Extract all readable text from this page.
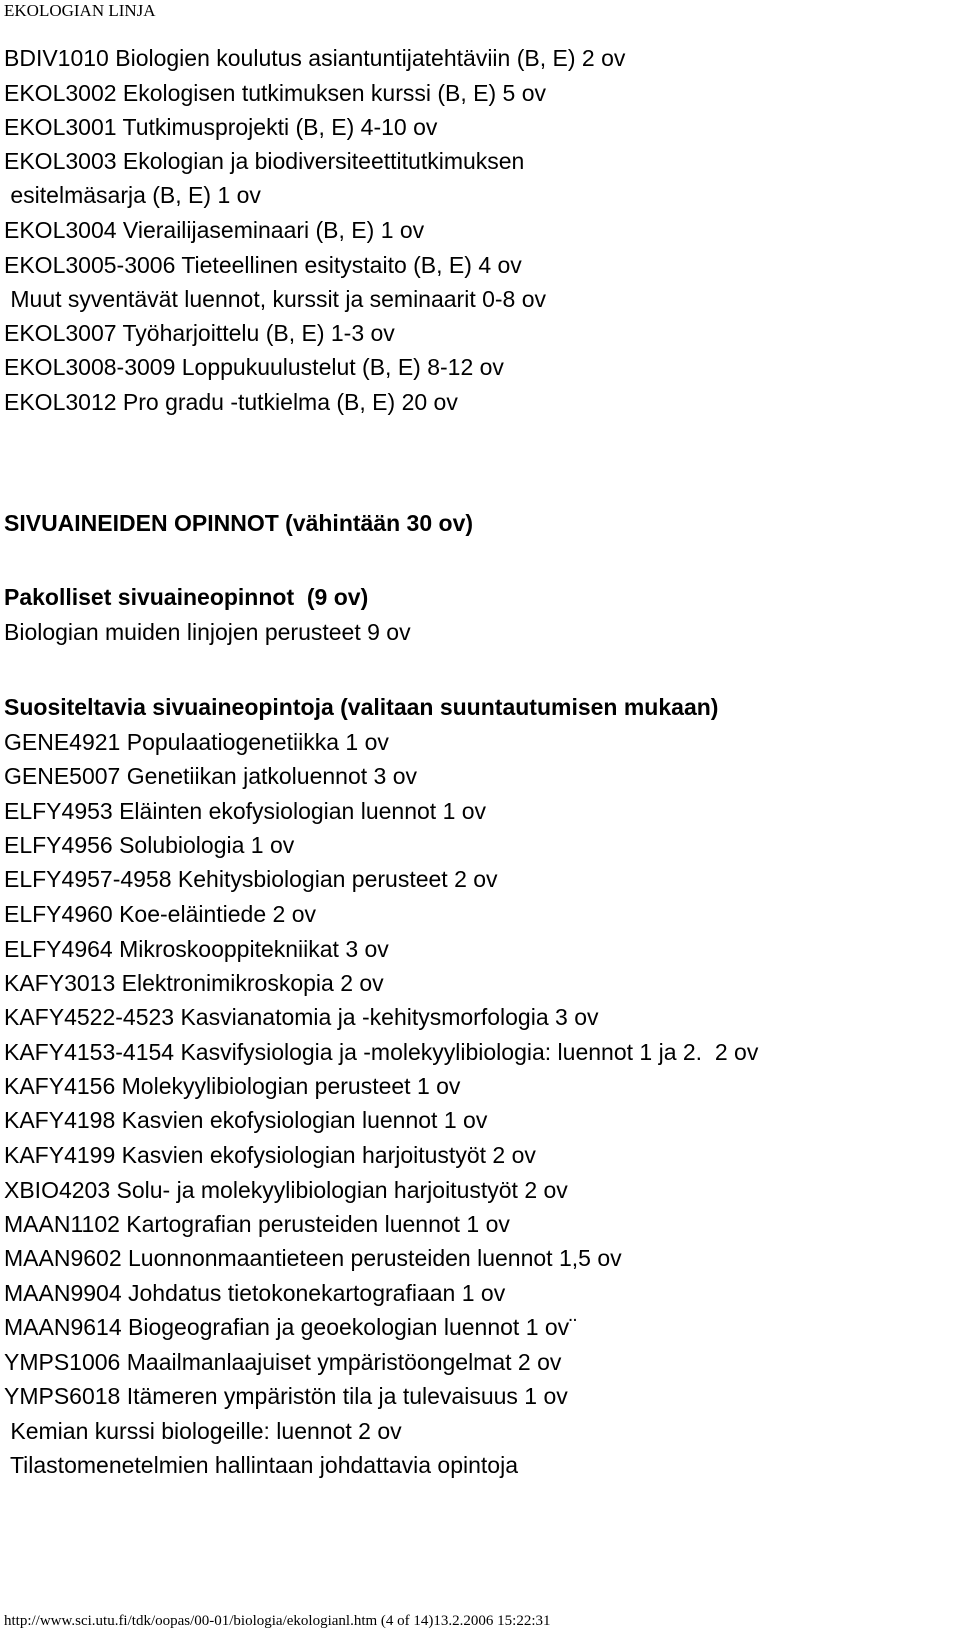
EKOLOGIAN LINJA
BDIV1010 Biologien koulutus asiantuntijatehtäviin (B, E) 2 ov
EKOL3002 Ekologisen tutkimuksen kurssi (B, E) 5 ov
EKOL3001 Tutkimusprojekti (B, E) 4-10 ov
EKOL3003 Ekologian ja biodiversiteettitutkimuksen
esitelmäsarja (B, E) 1 ov
EKOL3004 Vierailijaseminaari (B, E) 1 ov
EKOL3005-3006 Tieteellinen esitystaito (B, E) 4 ov
Muut syventävät luennot, kurssit ja seminaarit 0-8 ov
EKOL3007 Työharjoittelu (B, E) 1-3 ov
EKOL3008-3009 Loppukuulustelut (B, E) 8-12 ov
EKOL3012 Pro gradu -tutkielma (B, E) 20 ov
SIVUAINEIDEN OPINNOT (vähintään 30 ov)
Pakolliset sivuaineopinnot  (9 ov)
Biologian muiden linjojen perusteet 9 ov
Suositeltavia sivuaineopintoja (valitaan suuntautumisen mukaan)
GENE4921 Populaatiogenetiikka 1 ov
GENE5007 Genetiikan jatkoluennot 3 ov
ELFY4953 Eläinten ekofysiologian luennot 1 ov
ELFY4956 Solubiologia 1 ov
ELFY4957-4958 Kehitysbiologian perusteet 2 ov
ELFY4960 Koe-eläintiede 2 ov
ELFY4964 Mikroskooppitekniikat 3 ov
KAFY3013 Elektronimikroskopia 2 ov
KAFY4522-4523 Kasvianatomia ja -kehitysmorfologia 3 ov
KAFY4153-4154 Kasvifysiologia ja -molekyylibiologia: luennot 1 ja 2.  2 ov
KAFY4156 Molekyylibiologian perusteet 1 ov
KAFY4198 Kasvien ekofysiologian luennot 1 ov
KAFY4199 Kasvien ekofysiologian harjoitustyöt 2 ov
XBIO4203 Solu- ja molekyylibiologian harjoitustyöt 2 ov
MAAN1102 Kartografian perusteiden luennot 1 ov
MAAN9602 Luonnonmaantieteen perusteiden luennot 1,5 ov
MAAN9904 Johdatus tietokonekartografiaan 1 ov
MAAN9614 Biogeografian ja geoekologian luennot 1 ov¨
YMPS1006 Maailmanlaajuiset ympäristöongelmat 2 ov
YMPS6018 Itämeren ympäristön tila ja tulevaisuus 1 ov
Kemian kurssi biologeille: luennot 2 ov
Tilastomenetelmien hallintaan johdattavia opintoja
http://www.sci.utu.fi/tdk/oopas/00-01/biologia/ekologianl.htm (4 of 14)13.2.2006 15:22:31
